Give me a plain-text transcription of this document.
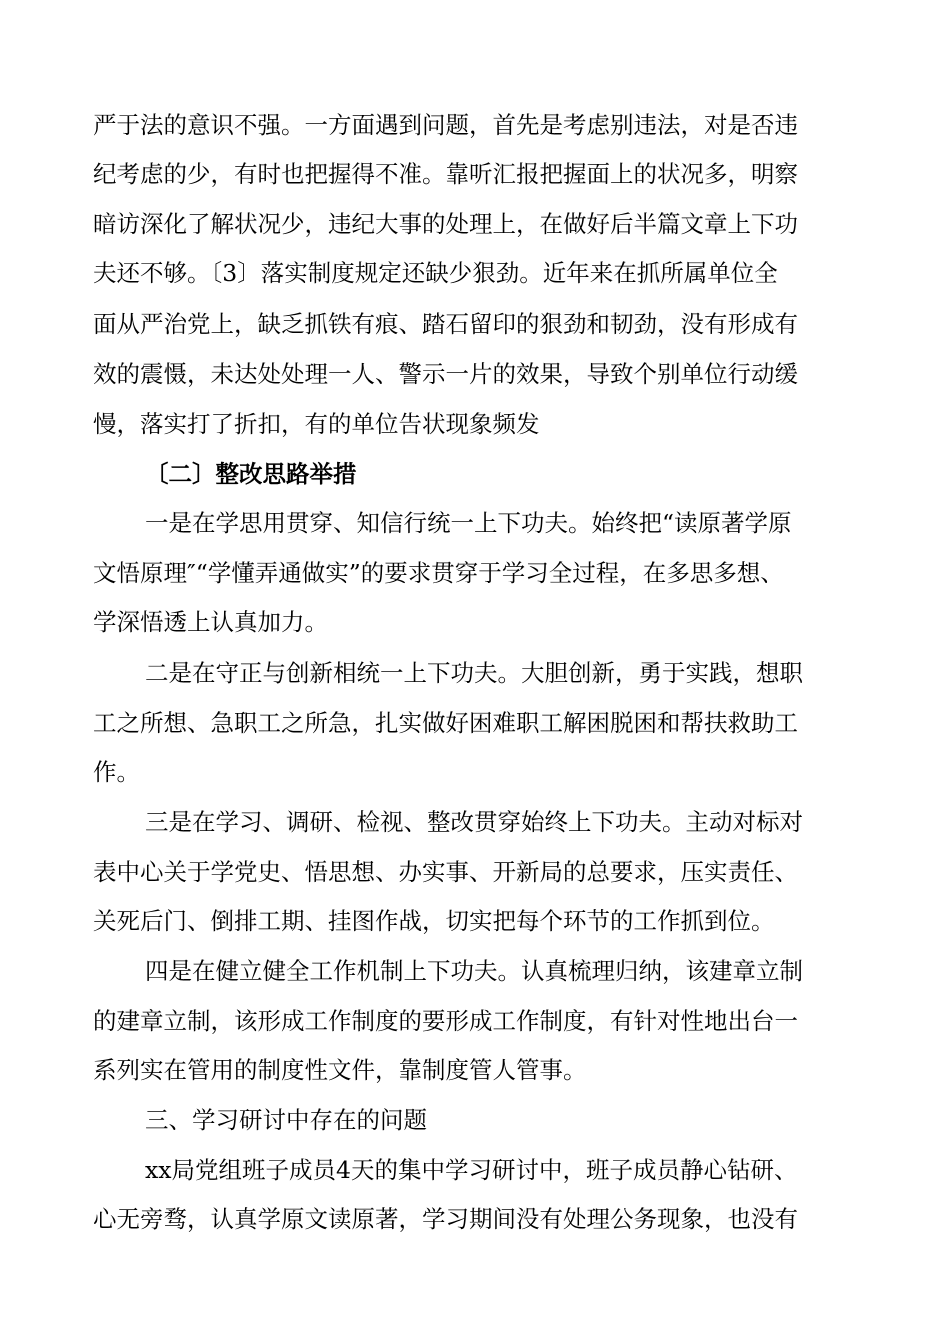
严于法的意识不强。一方面遇到问题，首先是考虑别违法，对是否违
纪考虑的少，有时也把握得不准。靠听汇报把握面上的状况多，明察
暗访深化了解状况少，违纪大事的处理上，在做好后半篇文章上下功
夫还不够。〔3〕落实制度规定还缺少狠劲。近年来在抓所属单位全
面从严治党上，缺乏抓铁有痕、踏石留印的狠劲和韧劲，没有形成有
效的震慑，未达处处理一人、警示一片的效果，导致个别单位行动缓
慢，落实打了折扣，有的单位告状现象频发
〔二〕整改思路举措
一是在学思用贯穿、知信行统一上下功夫。始终把“读原著学原
文悟原理″“学懂弄通做实”的要求贯穿于学习全过程，在多思多想、
学深悟透上认真加力。
二是在守正与创新相统一上下功夫。大胆创新，勇于实践，想职
工之所想、急职工之所急，扎实做好困难职工解困脱困和帮扶救助工
作。
三是在学习、调研、检视、整改贯穿始终上下功夫。主动对标对
表中心关于学党史、悟思想、办实事、开新局的总要求，压实责任、
关死后门、倒排工期、挂图作战，切实把每个环节的工作抓到位。
四是在健立健全工作机制上下功夫。认真梳理归纳，该建章立制
的建章立制，该形成工作制度的要形成工作制度，有针对性地出台一
系列实在管用的制度性文件，靠制度管人管事。
三、学习研讨中存在的问题
xx局党组班子成员4天的集中学习研讨中，班子成员静心钻研、
心无旁骛，认真学原文读原著，学习期间没有处理公务现象，也没有
